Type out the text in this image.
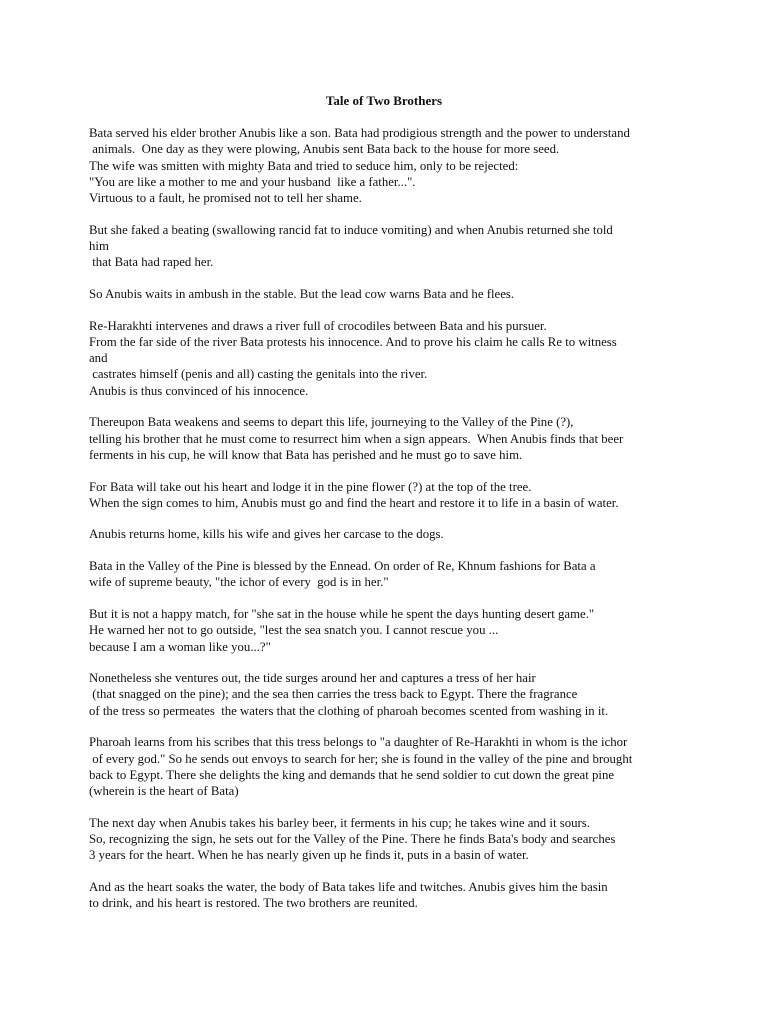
Tale of Two Brothers
Bata served his elder brother Anubis like a son. Bata had prodigious strength and the power to understand
animals.  One day as they were plowing, Anubis sent Bata back to the house for more seed.
The wife was smitten with mighty Bata and tried to seduce him, only to be rejected:
"You are like a mother to me and your husband  like a father...".
Virtuous to a fault, he promised not to tell her shame.
But she faked a beating (swallowing rancid fat to induce vomiting) and when Anubis returned she told
him
that Bata had raped her.
So Anubis waits in ambush in the stable. But the lead cow warns Bata and he flees.
Re-Harakhti intervenes and draws a river full of crocodiles between Bata and his pursuer.
From the far side of the river Bata protests his innocence. And to prove his claim he calls Re to witness
and
castrates himself (penis and all) casting the genitals into the river.
Anubis is thus convinced of his innocence.
Thereupon Bata weakens and seems to depart this life, journeying to the Valley of the Pine (?),
telling his brother that he must come to resurrect him when a sign appears.  When Anubis finds that beer
ferments in his cup, he will know that Bata has perished and he must go to save him.
For Bata will take out his heart and lodge it in the pine flower (?) at the top of the tree.
When the sign comes to him, Anubis must go and find the heart and restore it to life in a basin of water.
Anubis returns home, kills his wife and gives her carcase to the dogs.
Bata in the Valley of the Pine is blessed by the Ennead. On order of Re, Khnum fashions for Bata a
wife of supreme beauty, "the ichor of every  god is in her."
But it is not a happy match, for "she sat in the house while he spent the days hunting desert game."
He warned her not to go outside, "lest the sea snatch you. I cannot rescue you ...
because I am a woman like you...?"
Nonetheless she ventures out, the tide surges around her and captures a tress of her hair
(that snagged on the pine); and the sea then carries the tress back to Egypt. There the fragrance
of the tress so permeates  the waters that the clothing of pharoah becomes scented from washing in it.
Pharoah learns from his scribes that this tress belongs to "a daughter of Re-Harakhti in whom is the ichor
of every god." So he sends out envoys to search for her; she is found in the valley of the pine and brought
back to Egypt. There she delights the king and demands that he send soldier to cut down the great pine
(wherein is the heart of Bata)
The next day when Anubis takes his barley beer, it ferments in his cup; he takes wine and it sours.
So, recognizing the sign, he sets out for the Valley of the Pine. There he finds Bata's body and searches
3 years for the heart. When he has nearly given up he finds it, puts in a basin of water.
And as the heart soaks the water, the body of Bata takes life and twitches. Anubis gives him the basin
to drink, and his heart is restored. The two brothers are reunited.
